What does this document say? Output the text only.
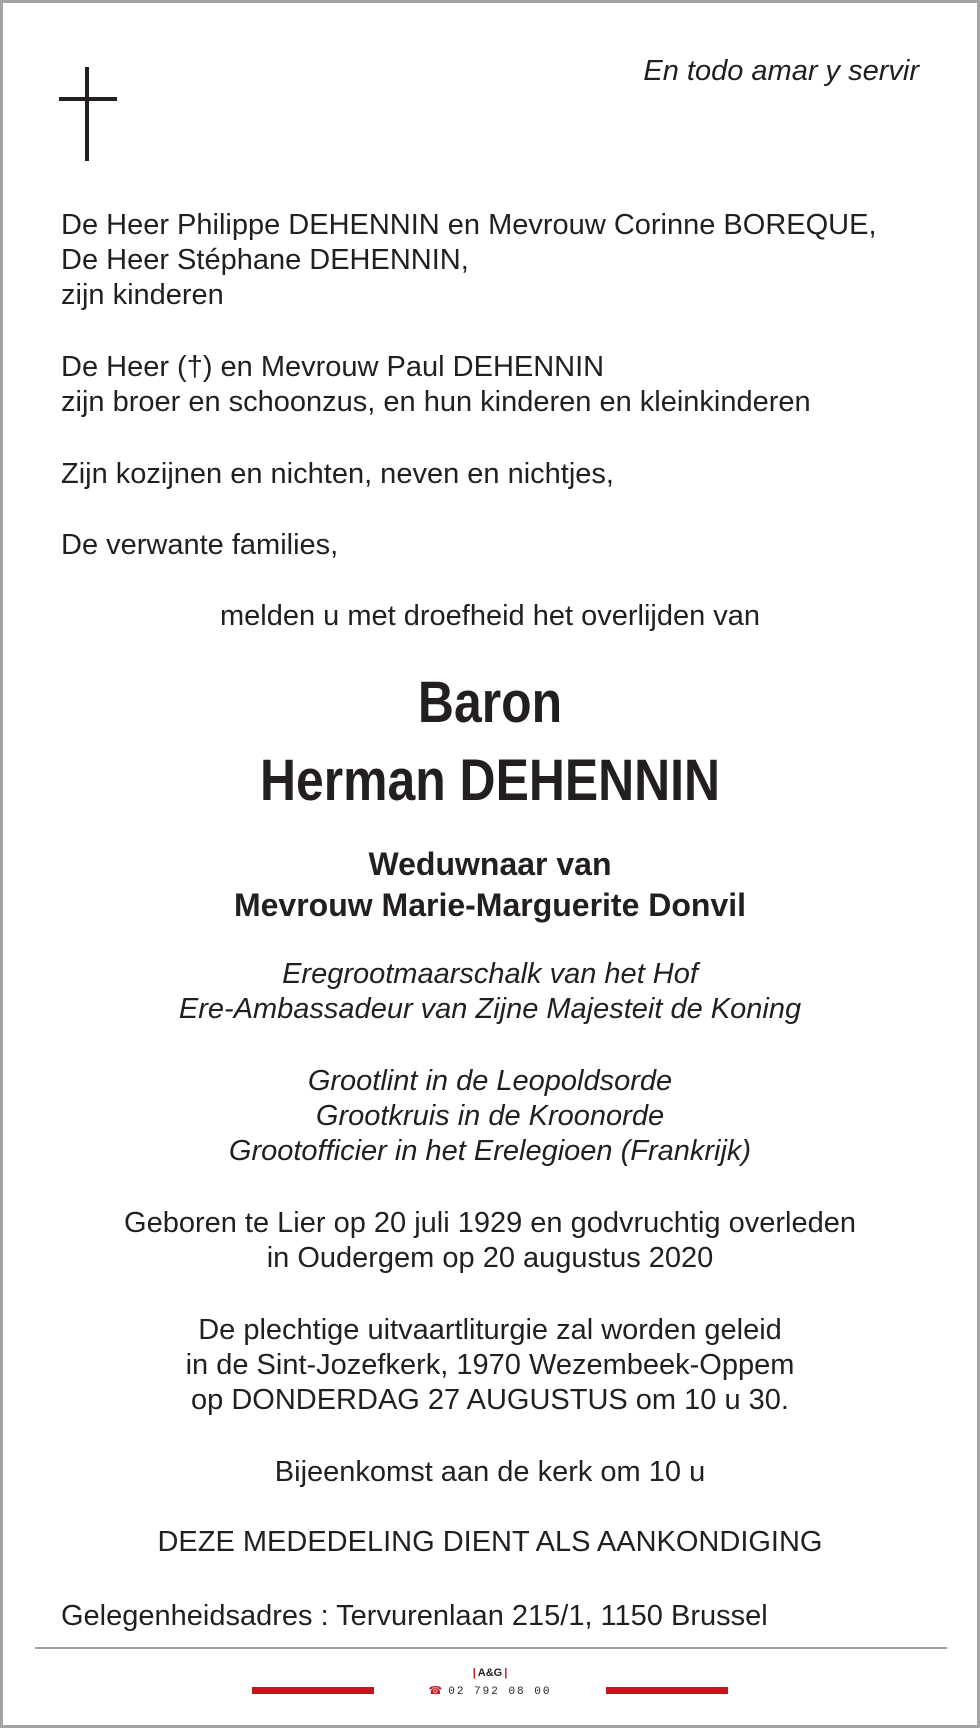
En todo amar y servir
De Heer Philippe DEHENNIN en Mevrouw Corinne BOREQUE,
De Heer Stéphane DEHENNIN,
zijn kinderen
De Heer (†) en Mevrouw Paul DEHENNIN
zijn broer en schoonzus, en hun kinderen en kleinkinderen
Zijn kozijnen en nichten, neven en nichtjes,
De verwante families,
melden u met droefheid het overlijden van
Baron
Herman DEHENNIN
Weduwnaar van
Mevrouw Marie-Marguerite Donvil
Eregrootmaarschalk van het Hof
Ere-Ambassadeur van Zijne Majesteit de Koning
Grootlint in de Leopoldsorde
Grootkruis in de Kroonorde
Grootofficier in het Erelegioen (Frankrijk)
Geboren te Lier op 20 juli 1929 en godvruchtig overleden
in Oudergem op 20 augustus 2020
De plechtige uitvaartliturgie zal worden geleid
in de Sint-Jozefkerk, 1970 Wezembeek-Oppem
op DONDERDAG 27 AUGUSTUS om 10 u 30.
Bijeenkomst aan de kerk om 10 u
DEZE MEDEDELING DIENT ALS AANKONDIGING
Gelegenheidsadres : Tervurenlaan 215/1, 1150 Brussel
| A&G |
☎ 02 792 08 00
